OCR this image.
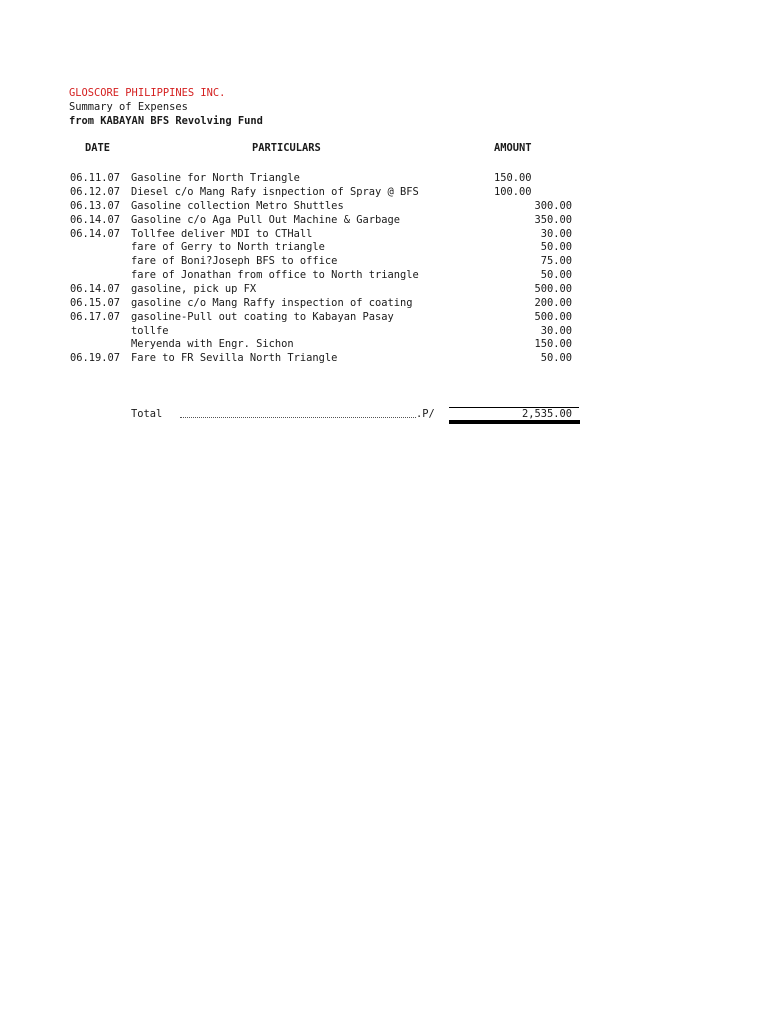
GLOSCORE PHILIPPINES INC.
Summary of Expenses
from KABAYAN BFS Revolving Fund
DATE	PARTICULARS	AMOUNT
06.11.07 Gasoline for North Triangle	150.00
06.12.07 Diesel c/o Mang Rafy isnpection of Spray @ BFS	100.00
06.13.07 Gasoline collection Metro Shuttles	300.00
06.14.07 Gasoline c/o Aga Pull Out Machine & Garbage	350.00
06.14.07 Tollfee deliver MDI to CTHall	30.00
fare of Gerry to North triangle	50.00
fare of Boni?Joseph BFS to office	75.00
fare of Jonathan from office to North triangle	50.00
06.14.07 gasoline, pick up FX	500.00
06.15.07 gasoline c/o Mang Raffy inspection of coating	200.00
06.17.07 gasoline-Pull out coating to Kabayan Pasay	500.00
tollfe	30.00
Meryenda with Engr. Sichon	150.00
06.19.07 Fare to FR Sevilla North Triangle	50.00
Total	.P/	2,535.00
